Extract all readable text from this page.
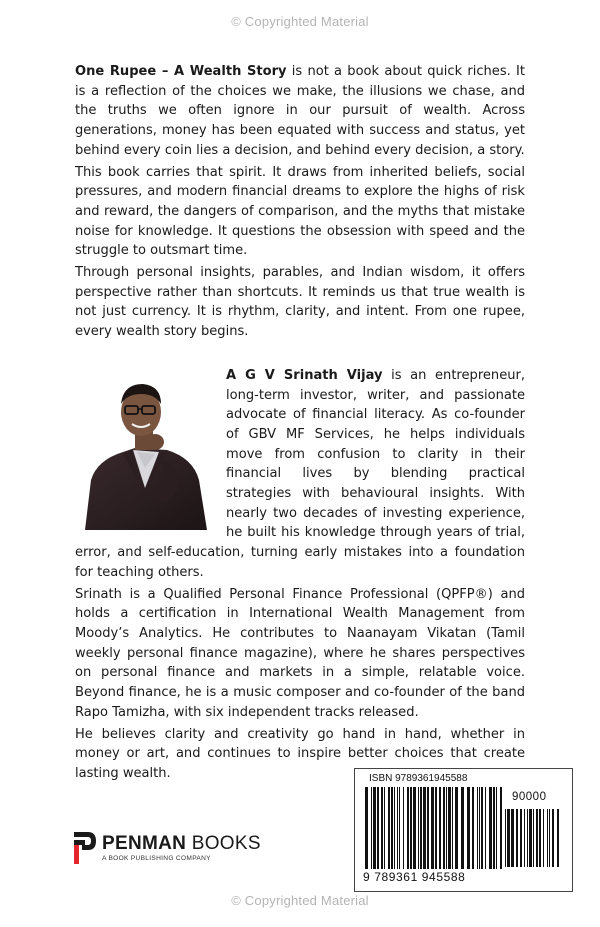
© Copyrighted Material

One Rupee – A Wealth Story is not a book about quick riches. It is a reflection of the choices we make, the illusions we chase, and the truths we often ignore in our pursuit of wealth. Across generations, money has been equated with success and status, yet behind every coin lies a decision, and behind every decision, a story.

This book carries that spirit. It draws from inherited beliefs, social pressures, and modern financial dreams to explore the highs of risk and reward, the dangers of comparison, and the myths that mistake noise for knowledge. It questions the obsession with speed and the struggle to outsmart time.

Through personal insights, parables, and Indian wisdom, it offers perspective rather than shortcuts. It reminds us that true wealth is not just currency. It is rhythm, clarity, and intent. From one rupee, every wealth story begins.

A G V Srinath Vijay is an entrepreneur, long-term investor, writer, and passionate advocate of financial literacy. As co-founder of GBV MF Services, he helps individuals move from confusion to clarity in their financial lives by blending practical strategies with behavioural insights. With nearly two decades of investing experience, he built his knowledge through years of trial, error, and self-education, turning early mistakes into a foundation for teaching others.

Srinath is a Qualified Personal Finance Professional (QPFP®) and holds a certification in International Wealth Management from Moody’s Analytics. He contributes to Naanayam Vikatan (Tamil weekly personal finance magazine), where he shares perspectives on personal finance and markets in a simple, relatable voice. Beyond finance, he is a music composer and co-founder of the band Rapo Tamizha, with six independent tracks released.

He believes clarity and creativity go hand in hand, whether in money or art, and continues to inspire better choices that create lasting wealth.

PENMAN BOOKS
A BOOK PUBLISHING COMPANY
ISBN 9789361945588
90000
9 789361 945588
© Copyrighted Material
